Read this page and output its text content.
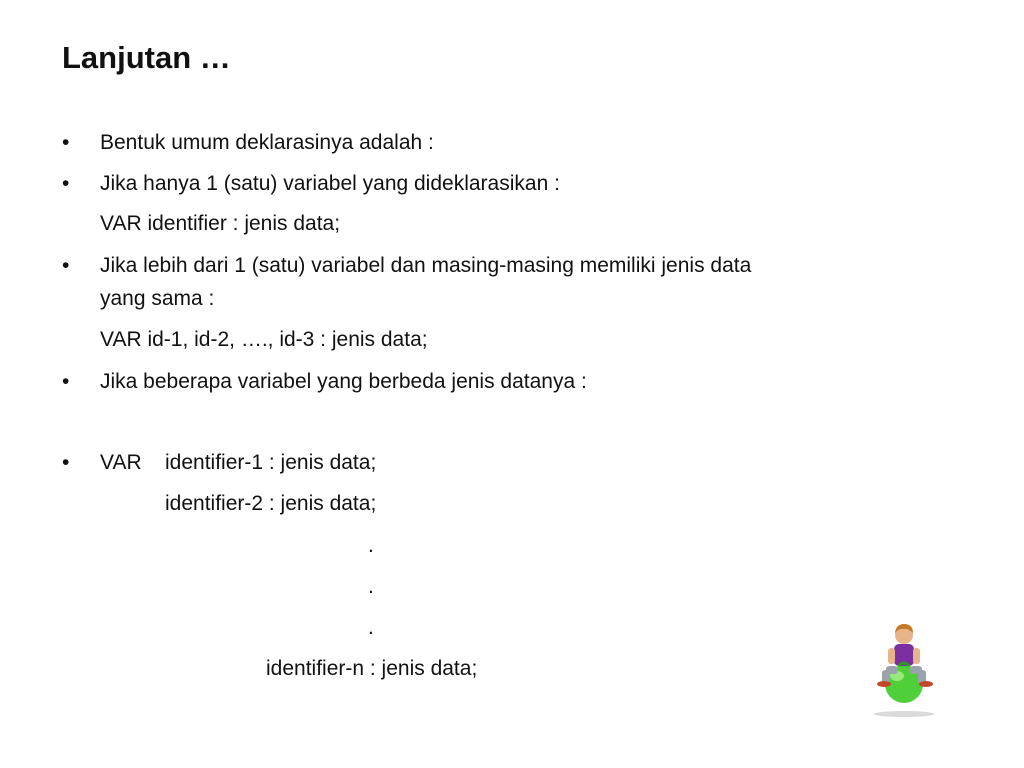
Lanjutan …
•
•
•
•
•
Bentuk umum deklarasinya adalah :
Jika hanya 1 (satu) variabel yang dideklarasikan :
VAR identifier : jenis data;
Jika lebih dari 1 (satu) variabel dan masing-masing memiliki jenis data
yang sama :
VAR id-1, id-2, …., id-3 : jenis data;
Jika beberapa variabel yang berbeda jenis datanya :
VAR identifier-1 : jenis data;
identifier-2 : jenis data;
.
.
.
identifier-n : jenis data;
